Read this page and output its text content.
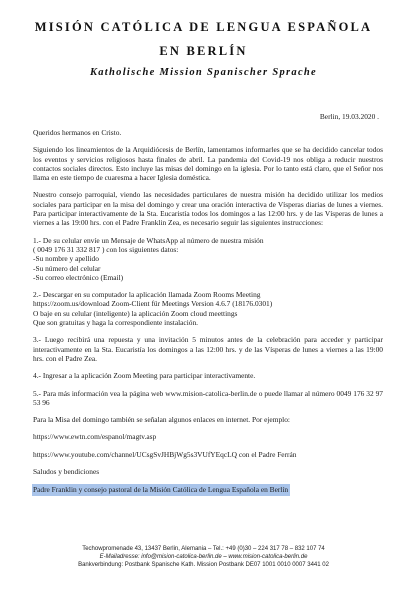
MISIÓN CATÓLICA DE LENGUA ESPAÑOLA
EN BERLÍN
Katholische Mission Spanischer Sprache
Berlin, 19.03.2020 .

Queridos hermanos en Cristo.

Siguiendo los lineamientos de la Arquidiócesis de Berlín, lamentamos informarles que se ha decidido cancelar todos los eventos y servicios religiosos hasta finales de abril. La pandemia del Covid-19 nos obliga a reducir nuestros contactos sociales directos. Esto incluye las misas del domingo en la iglesia. Por lo tanto está claro, que el Señor nos llama en este tiempo de cuaresma a hacer Iglesia doméstica.

Nuestro consejo parroquial, viendo las necesidades particulares de nuestra misión ha decidido utilizar los medios sociales para participar en la misa del domingo y crear una oración interactiva de Vísperas diarias de lunes a viernes. Para participar interactivamente de la Sta. Eucaristía todos los domingos a las 12:00 hrs. y de las Vísperas de lunes a viernes a las 19:00 hrs. con el Padre Franklin Zea, es necesario seguir las siguientes instrucciones:

1.- De su celular envíe un Mensaje de WhatsApp al número de nuestra misión
( 0049 176 31 332 817 ) con los siguientes datos:
-Su nombre y apellido
-Su número del celular
-Su correo electrónico (Email)

2.- Descargar en su computador la aplicación llamada Zoom Rooms Meeting
https://zoom.us/download Zoom-Client für Meetings Version 4.6.7 (18176.0301)
O baje en su celular (inteligente) la aplicación Zoom cloud meettings
Que son gratuitas y haga la correspondiente instalación.

3.- Luego recibirá una repuesta y una invitación 5 minutos antes de la celebración para acceder y participar interactivamente en la Sta. Eucaristía los domingos a las 12:00 hrs. y de las Vísperas de lunes a viernes a las 19:00 hrs. con el Padre Zea.

4.- Ingresar a la aplicación Zoom Meeting para participar interactivamente.

5.- Para más información vea la página web www.mision-catolica-berlin.de o puede llamar al número 0049 176 32 97 53 96

Para la Misa del domingo también se señalan algunos enlaces en internet. Por ejemplo:

https://www.ewtn.com/espanol/magtv.asp

https://www.youtube.com/channel/UCsgSvJHBjWg5s3VUfYEqcLQ con el Padre Ferrán

Saludos y bendiciones

Padre Franklin y consejo pastoral de la Misión Católica de Lengua Española en Berlín

Techowpromenade 43, 13437 Berlin, Alemania – Tel.: +49 (0)30 – 224 317 78 – 832 107 74
E-Mailadresse: info@mision-catolica-berlin.de – www.mision-catolica-berlin.de
Bankverbindung: Postbank Spanische Kath. Mission Postbank DE07 1001 0010 0007 3441 02
